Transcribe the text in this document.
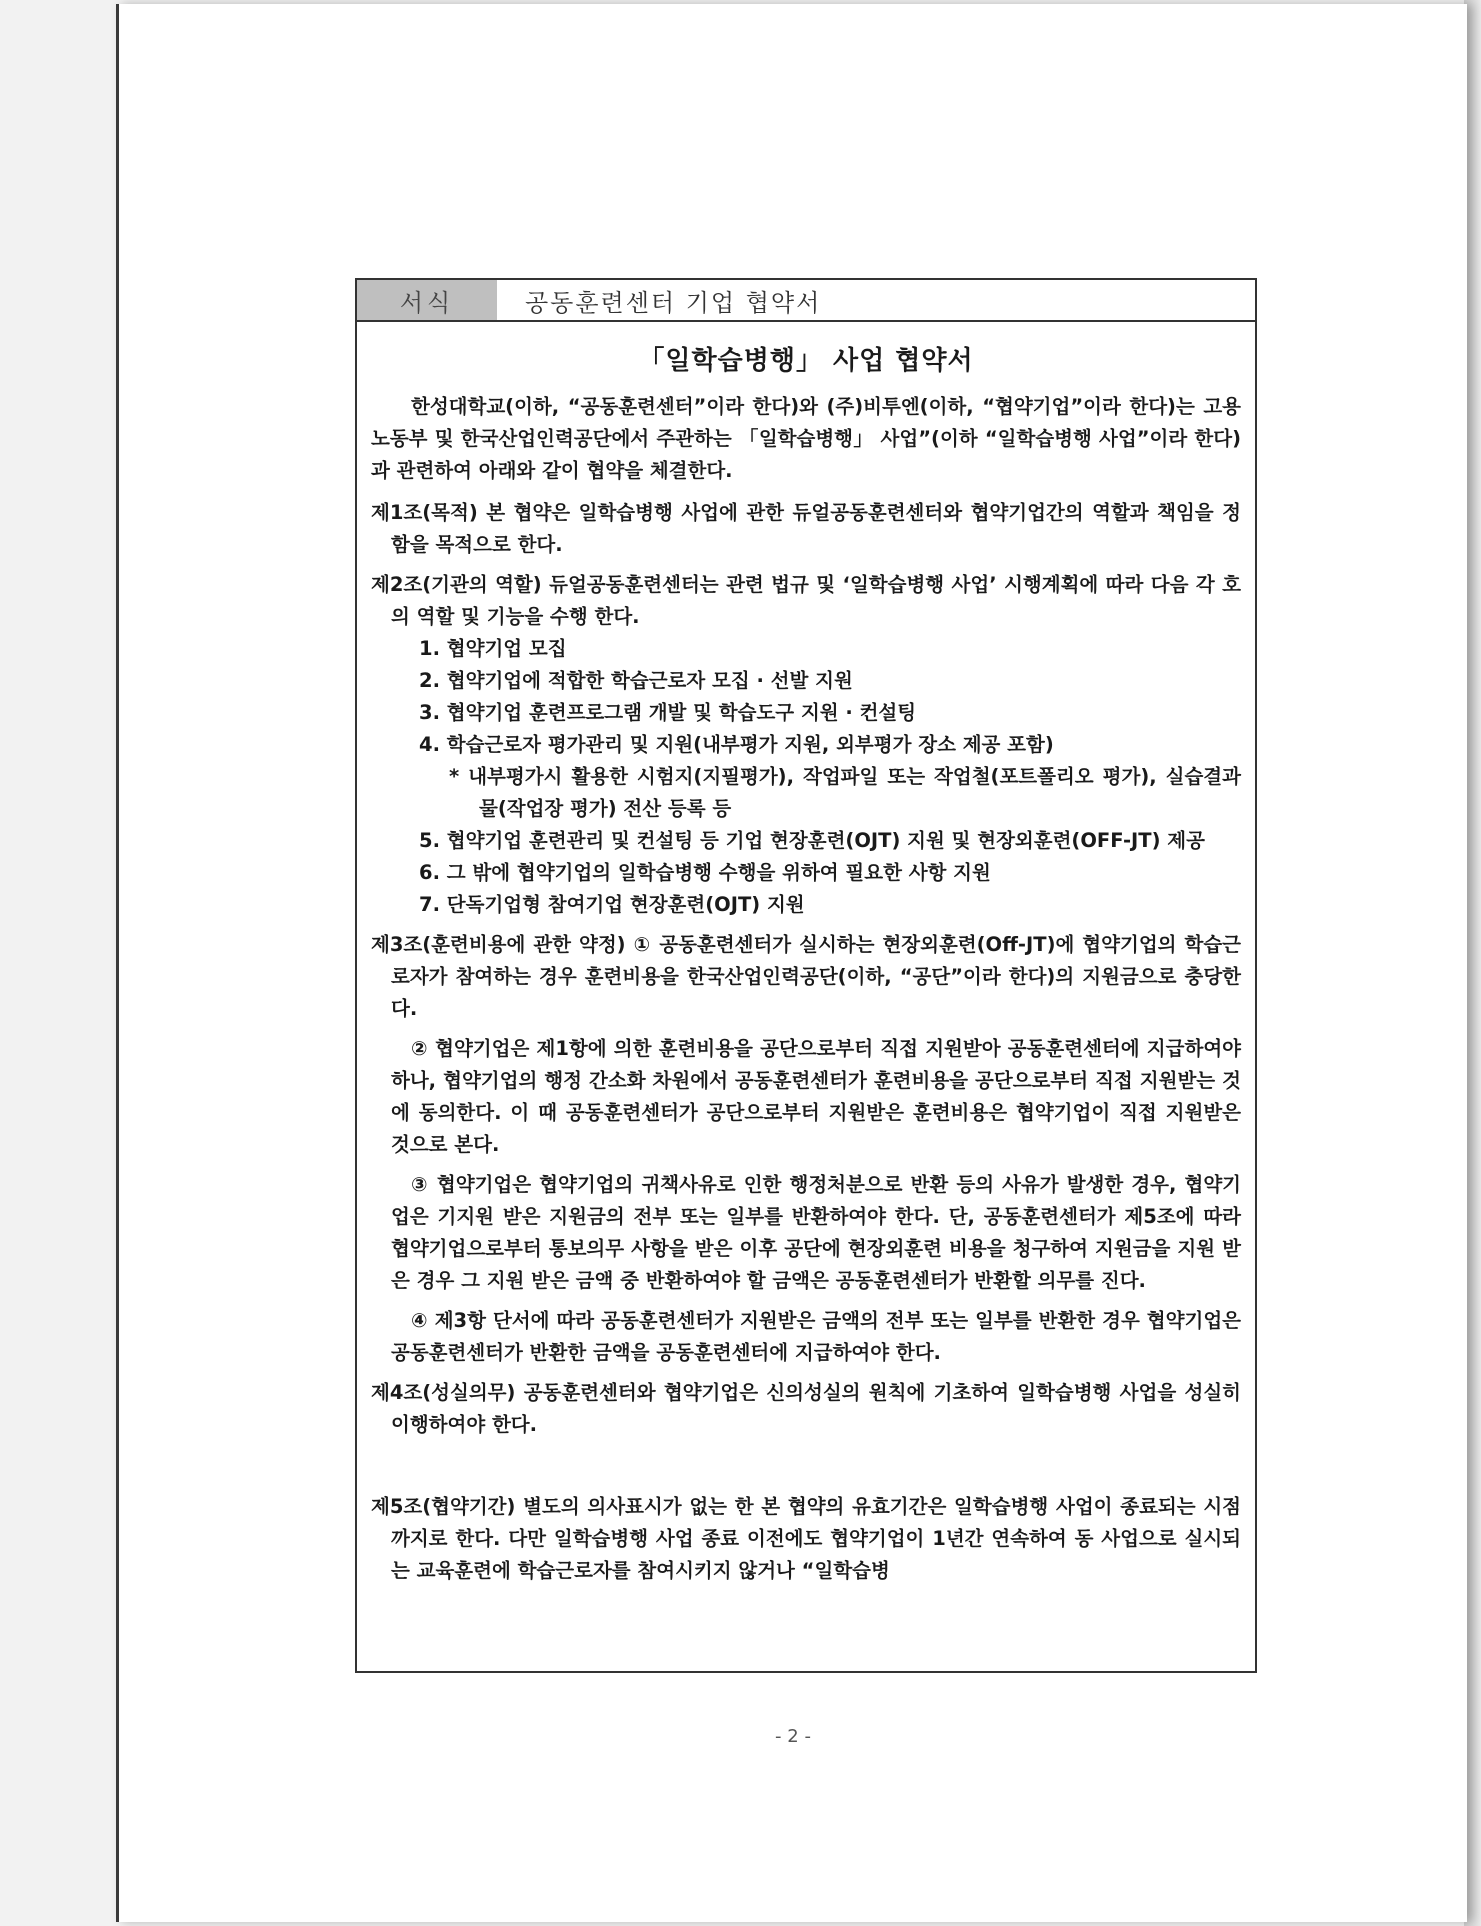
서식	공동훈련센터 기업 협약서
「일학습병행」 사업 협약서

한성대학교(이하, “공동훈련센터”이라 한다)와 (주)비투엔(이하, “협약기업”이라 한다)는 고용노동부 및 한국산업인력공단에서 주관하는 「일학습병행」 사업”(이하 “일학습병행 사업”이라 한다)과 관련하여 아래와 같이 협약을 체결한다.

제1조(목적) 본 협약은 일학습병행 사업에 관한 듀얼공동훈련센터와 협약기업간의 역할과 책임을 정함을 목적으로 한다.

제2조(기관의 역할) 듀얼공동훈련센터는 관련 법규 및 ‘일학습병행 사업’ 시행계획에 따라 다음 각 호의 역할 및 기능을 수행 한다.

1. 협약기업 모집

2. 협약기업에 적합한 학습근로자 모집 · 선발 지원

3. 협약기업 훈련프로그램 개발 및 학습도구 지원 · 컨설팅

4. 학습근로자 평가관리 및 지원(내부평가 지원, 외부평가 장소 제공 포함)

* 내부평가시 활용한 시험지(지필평가), 작업파일 또는 작업철(포트폴리오 평가), 실습결과물(작업장 평가) 전산 등록 등

5. 협약기업 훈련관리 및 컨설팅 등 기업 현장훈련(OJT) 지원 및 현장외훈련(OFF-JT) 제공

6. 그 밖에 협약기업의 일학습병행 수행을 위하여 필요한 사항 지원

7. 단독기업형 참여기업 현장훈련(OJT) 지원

제3조(훈련비용에 관한 약정) ① 공동훈련센터가 실시하는 현장외훈련(Off-JT)에 협약기업의 학습근로자가 참여하는 경우 훈련비용을 한국산업인력공단(이하, “공단”이라 한다)의 지원금으로 충당한다.

② 협약기업은 제1항에 의한 훈련비용을 공단으로부터 직접 지원받아 공동훈련센터에 지급하여야 하나, 협약기업의 행정 간소화 차원에서 공동훈련센터가 훈련비용을 공단으로부터 직접 지원받는 것에 동의한다. 이 때 공동훈련센터가 공단으로부터 지원받은 훈련비용은 협약기업이 직접 지원받은 것으로 본다.

③ 협약기업은 협약기업의 귀책사유로 인한 행정처분으로 반환 등의 사유가 발생한 경우, 협약기업은 기지원 받은 지원금의 전부 또는 일부를 반환하여야 한다. 단, 공동훈련센터가 제5조에 따라 협약기업으로부터 통보의무 사항을 받은 이후 공단에 현장외훈련 비용을 청구하여 지원금을 지원 받은 경우 그 지원 받은 금액 중 반환하여야 할 금액은 공동훈련센터가 반환할 의무를 진다.

④ 제3항 단서에 따라 공동훈련센터가 지원받은 금액의 전부 또는 일부를 반환한 경우 협약기업은 공동훈련센터가 반환한 금액을 공동훈련센터에 지급하여야 한다.

제4조(성실의무) 공동훈련센터와 협약기업은 신의성실의 원칙에 기초하여 일학습병행 사업을 성실히 이행하여야 한다.

제5조(협약기간) 별도의 의사표시가 없는 한 본 협약의 유효기간은 일학습병행 사업이 종료되는 시점까지로 한다. 다만 일학습병행 사업 종료 이전에도 협약기업이 1년간 연속하여 동 사업으로 실시되는 교육훈련에 학습근로자를 참여시키지 않거나 “일학습병

- 2 -
